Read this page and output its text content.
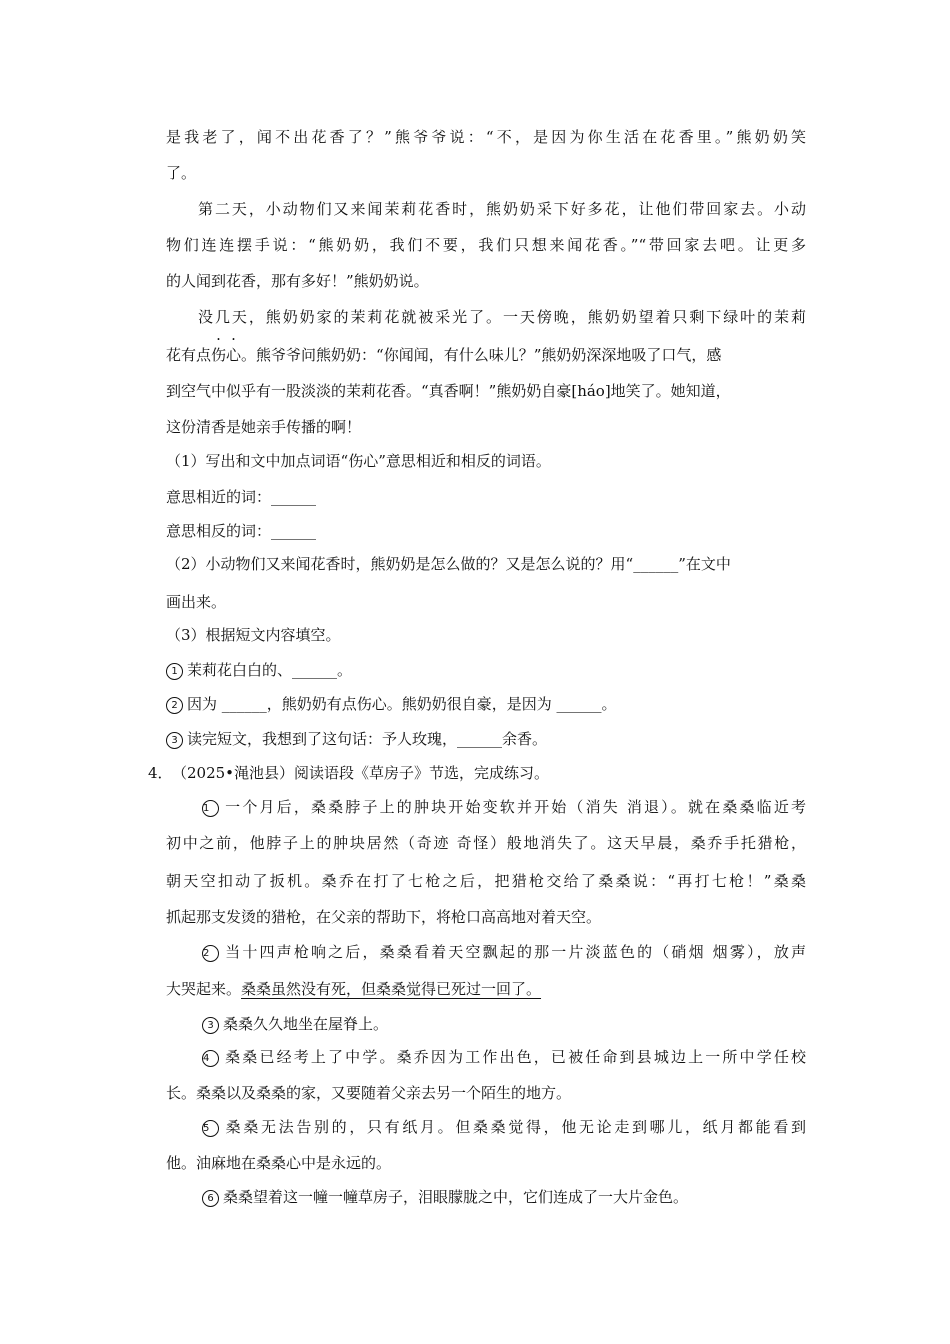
是我老了，闻不出花香了？”熊爷爷说：“不，是因为你生活在花香里。”熊奶奶笑
了。
第二天，小动物们又来闻茉莉花香时，熊奶奶采下好多花，让他们带回家去。小动
物们连连摆手说：“熊奶奶，我们不要，我们只想来闻花香。”“带回家去吧。让更多
的人闻到花香，那有多好！”熊奶奶说。
没几天，熊奶奶家的茉莉花就被采光了。一天傍晚，熊奶奶望着只剩下绿叶的茉莉
花有点伤心。熊爷爷问熊奶奶：“你闻闻，有什么味儿？”熊奶奶深深地吸了口气，感
到空气中似乎有一股淡淡的茉莉花香。“真香啊！”熊奶奶自豪[háo]地笑了。她知道，
这份清香是她亲手传播的啊！
（1）写出和文中加点词语“伤心”意思相近和相反的词语。
意思相近的词：______
意思相反的词：______
（2）小动物们又来闻花香时，熊奶奶是怎么做的？又是怎么说的？用“______”在文中
画出来。
（3）根据短文内容填空。
1 茉莉花白白的、______。
2 因为 ______，熊奶奶有点伤心。熊奶奶很自豪，是因为 ______。
3 读完短文，我想到了这句话：予人玫瑰，______余香。
4． （2025•渑池县）阅读语段《草房子》节选，完成练习。
1 一个月后，桑桑脖子上的肿块开始变软并开始（消失 消退）。就在桑桑临近考
初中之前，他脖子上的肿块居然（奇迹 奇怪）般地消失了。这天早晨，桑乔手托猎枪，
朝天空扣动了扳机。桑乔在打了七枪之后，把猎枪交给了桑桑说：“再打七枪！”桑桑
抓起那支发烫的猎枪，在父亲的帮助下，将枪口高高地对着天空。
2 当十四声枪响之后，桑桑看着天空飘起的那一片淡蓝色的（硝烟 烟雾），放声
大哭起来。桑桑虽然没有死，但桑桑觉得已死过一回了。
3 桑桑久久地坐在屋脊上。
4 桑桑已经考上了中学。桑乔因为工作出色，已被任命到县城边上一所中学任校
长。桑桑以及桑桑的家，又要随着父亲去另一个陌生的地方。
5 桑桑无法告别的，只有纸月。但桑桑觉得，他无论走到哪儿，纸月都能看到
他。油麻地在桑桑心中是永远的。
6 桑桑望着这一幢一幢草房子，泪眼朦胧之中，它们连成了一大片金色。
